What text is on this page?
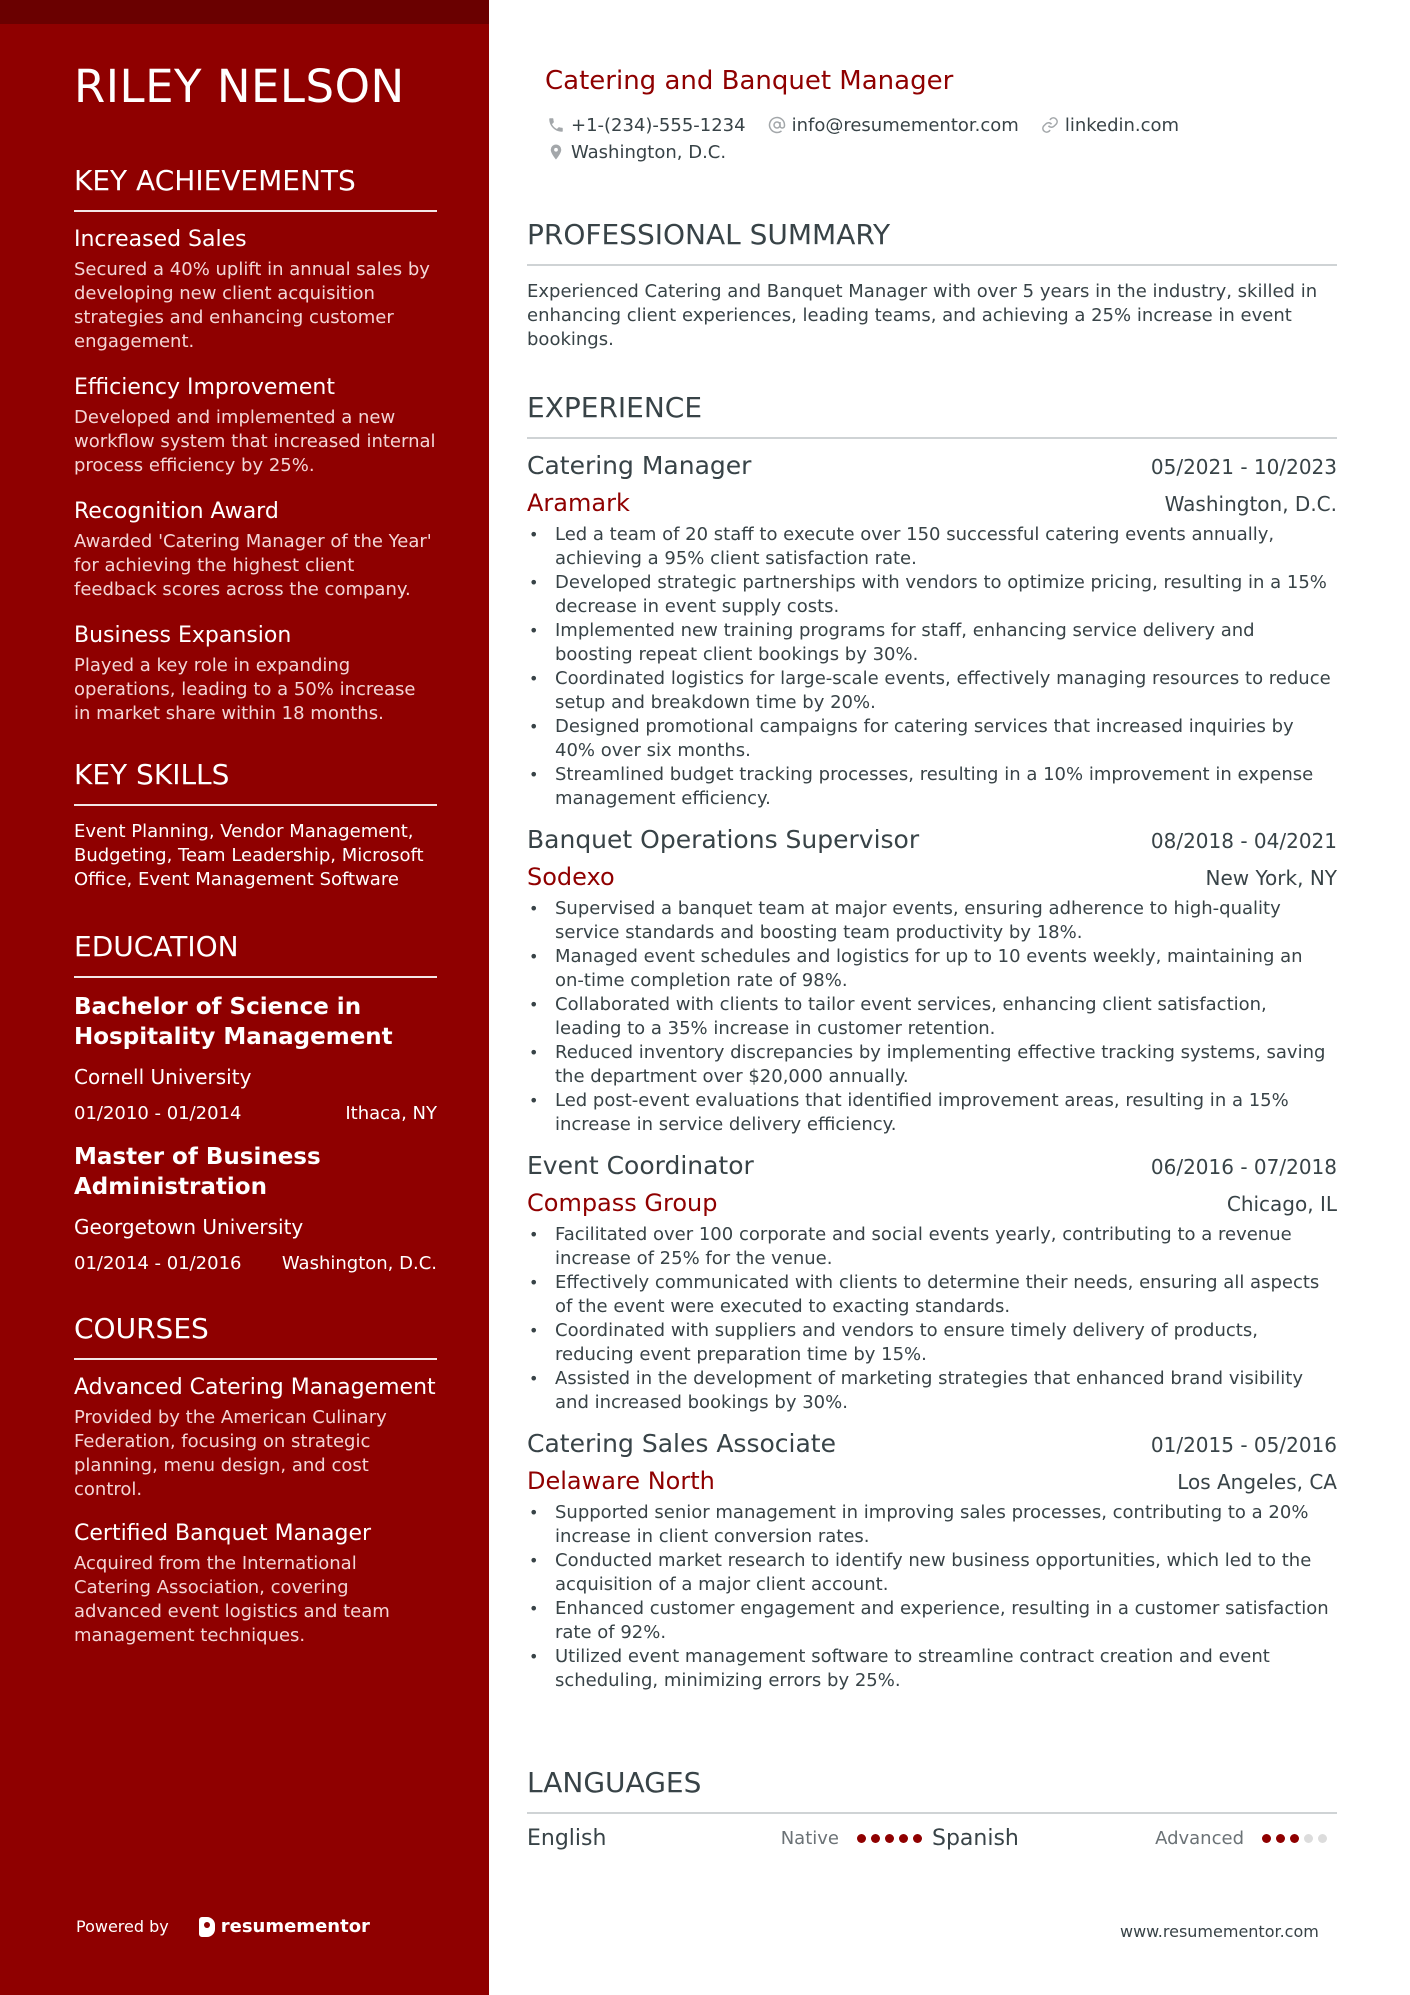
RILEY NELSON
KEY ACHIEVEMENTS
Increased Sales
Secured a 40% uplift in annual sales by developing new client acquisition strategies and enhancing customer engagement.
Efficiency Improvement
Developed and implemented a new workflow system that increased internal process efficiency by 25%.
Recognition Award
Awarded 'Catering Manager of the Year' for achieving the highest client feedback scores across the company.
Business Expansion
Played a key role in expanding operations, leading to a 50% increase in market share within 18 months.
KEY SKILLS
Event Planning, Vendor Management, Budgeting, Team Leadership, Microsoft Office, Event Management Software
EDUCATION
Bachelor of Science in Hospitality Management
Cornell University
01/2010 - 01/2014	Ithaca, NY
Master of Business Administration
Georgetown University
01/2014 - 01/2016 Washington, D.C.
COURSES
Advanced Catering Management
Provided by the American Culinary Federation, focusing on strategic planning, menu design, and cost control.
Certified Banquet Manager
Acquired from the International Catering Association, covering advanced event logistics and team management techniques.
Powered by	resumementor
Catering and Banquet Manager
+1-(234)-555-1234	info@resumementor.com	linkedin.com
Washington, D.C.
PROFESSIONAL SUMMARY
Experienced Catering and Banquet Manager with over 5 years in the industry, skilled in enhancing client experiences, leading teams, and achieving a 25% increase in event bookings.
EXPERIENCE
Catering Manager	05/2021 - 10/2023
Aramark	Washington, D.C.
• Led a team of 20 staff to execute over 150 successful catering events annually, achieving a 95% client satisfaction rate.
• Developed strategic partnerships with vendors to optimize pricing, resulting in a 15% decrease in event supply costs.
• Implemented new training programs for staff, enhancing service delivery and boosting repeat client bookings by 30%.
• Coordinated logistics for large-scale events, effectively managing resources to reduce setup and breakdown time by 20%.
• Designed promotional campaigns for catering services that increased inquiries by 40% over six months.
• Streamlined budget tracking processes, resulting in a 10% improvement in expense management efficiency.
Banquet Operations Supervisor	08/2018 - 04/2021
Sodexo	New York, NY
• Supervised a banquet team at major events, ensuring adherence to high-quality service standards and boosting team productivity by 18%.
• Managed event schedules and logistics for up to 10 events weekly, maintaining an on-time completion rate of 98%.
• Collaborated with clients to tailor event services, enhancing client satisfaction, leading to a 35% increase in customer retention.
• Reduced inventory discrepancies by implementing effective tracking systems, saving the department over $20,000 annually.
• Led post-event evaluations that identified improvement areas, resulting in a 15% increase in service delivery efficiency.
Event Coordinator	06/2016 - 07/2018
Compass Group	Chicago, IL
• Facilitated over 100 corporate and social events yearly, contributing to a revenue increase of 25% for the venue.
• Effectively communicated with clients to determine their needs, ensuring all aspects of the event were executed to exacting standards.
• Coordinated with suppliers and vendors to ensure timely delivery of products, reducing event preparation time by 15%.
• Assisted in the development of marketing strategies that enhanced brand visibility and increased bookings by 30%.
Catering Sales Associate	01/2015 - 05/2016
Delaware North	Los Angeles, CA
• Supported senior management in improving sales processes, contributing to a 20% increase in client conversion rates.
• Conducted market research to identify new business opportunities, which led to the acquisition of a major client account.
• Enhanced customer engagement and experience, resulting in a customer satisfaction rate of 92%.
• Utilized event management software to streamline contract creation and event scheduling, minimizing errors by 25%.
LANGUAGES
English	Native	Spanish	Advanced
www.resumementor.com
